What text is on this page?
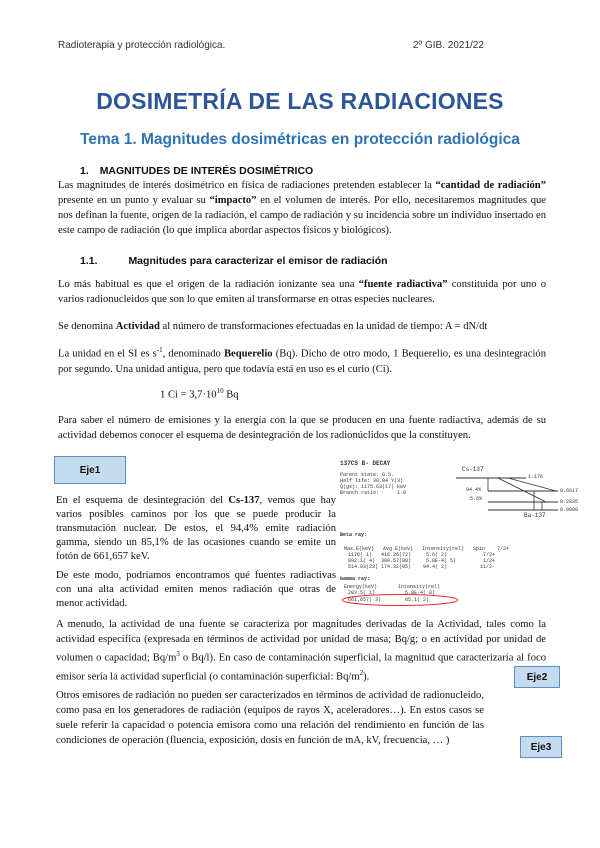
Radioterapia y protección radiológica.	2º GIB. 2021/22
DOSIMETRÍA DE LAS RADIACIONES
Tema 1. Magnitudes dosimétricas en protección radiológica
1. MAGNITUDES DE INTERÉS DOSIMÉTRICO
Las magnitudes de interés dosimétrico en física de radiaciones pretenden establecer la “cantidad de radiación” presente en un punto y evaluar su “impacto” en el volumen de interés. Por ello, necesitaremos magnitudes que nos definan la fuente, origen de la radiación, el campo de radiación y su incidencia sobre un individuo insertado en este campo de radiación (lo que implica abordar aspectos físicos y biológicos).
1.1.	Magnitudes para caracterizar el emisor de radiación
Lo más habitual es que el origen de la radiación ionizante sea una “fuente radiactiva” constituida por uno o varios radionucleidos que son lo que emiten al transformarse en otras especies nucleares.
Se denomina Actividad al número de transformaciones efectuadas en la unidad de tiempo: A = dN/dt
La unidad en el SI es $s^{-1}$, denominado Bequerelio (Bq). Dicho de otro modo, 1 Bequerelio, es una desintegración por segundo. Una unidad antigua, pero que todavía está en uso es el curio (Ci).
1 $Ci = 3,7\cdot 10^{10}$ Bq
Para saber el número de emisiones y la energía con la que se producen en una fuente radiactiva, además de su actividad debemos conocer el esquema de desintegración de los radionúclidos que la constituyen.
Eje1
En el esquema de desintegración del Cs-137, vemos que hay varios posibles caminos por los que se puede producir la transmutación nuclear. De estos, el 94,4% emite radiación gamma, siendo un 85,1% de las ocasiones cuando se emite un fotón de 661,657 keV.
De este modo, podríamos encontramos qué fuentes radiactivas con una alta actividad emiten menos radiación que otras de menor actividad.
137CS B- DECAY
Parent state: G.S.
Half life: 30.04 Y(3)
Q(gs): 1175.63(17) keV
Branch ratio:      1.0
Cs-137
Ba-137
0.6617
0.2835
0.0000
5.6%
94.4%
1.176
Beta ray:
Max.E(keV)   Avg.E(keV)   Intensity(rel)   Spin    7/2+
1176( 1)   416.26(72)     5.6( 2)            7/2+
892.1( 4)  300.57(88)     5.8E-4( 5)         1/2+
514.03(23) 174.32(05)    94.4( 2)           11/2-
Gamma ray:
Energy(keV)       Intensity(rel)
283.5( 1)          5.8E-4( 8)
661.657( 3)        85.1( 2)
A menudo, la actividad de una fuente se caracteriza por magnitudes derivadas de la Actividad, tales como la actividad específica (expresada en términos de actividad por unidad de masa; Bq/g; o en actividad por unidad de volumen o capacidad; $Bq/m^3$ o Bq/l). En caso de contaminación superficial, la magnitud que caracterizaría al foco emisor sería la actividad superficial (o contaminación superficial: $Bq/m^2$).	Eje2
Otros emisores de radiación no pueden ser caracterizados en términos de actividad de radionucleido, como pasa en los generadores de radiación (equipos de rayos X, aceleradores…). En estos casos se suele referir la capacidad o potencia emisora como una relación del rendimiento en función de las condiciones de operación (fluencia, exposición, dosis en función de mA, kV, frecuencia, … )
Eje3
